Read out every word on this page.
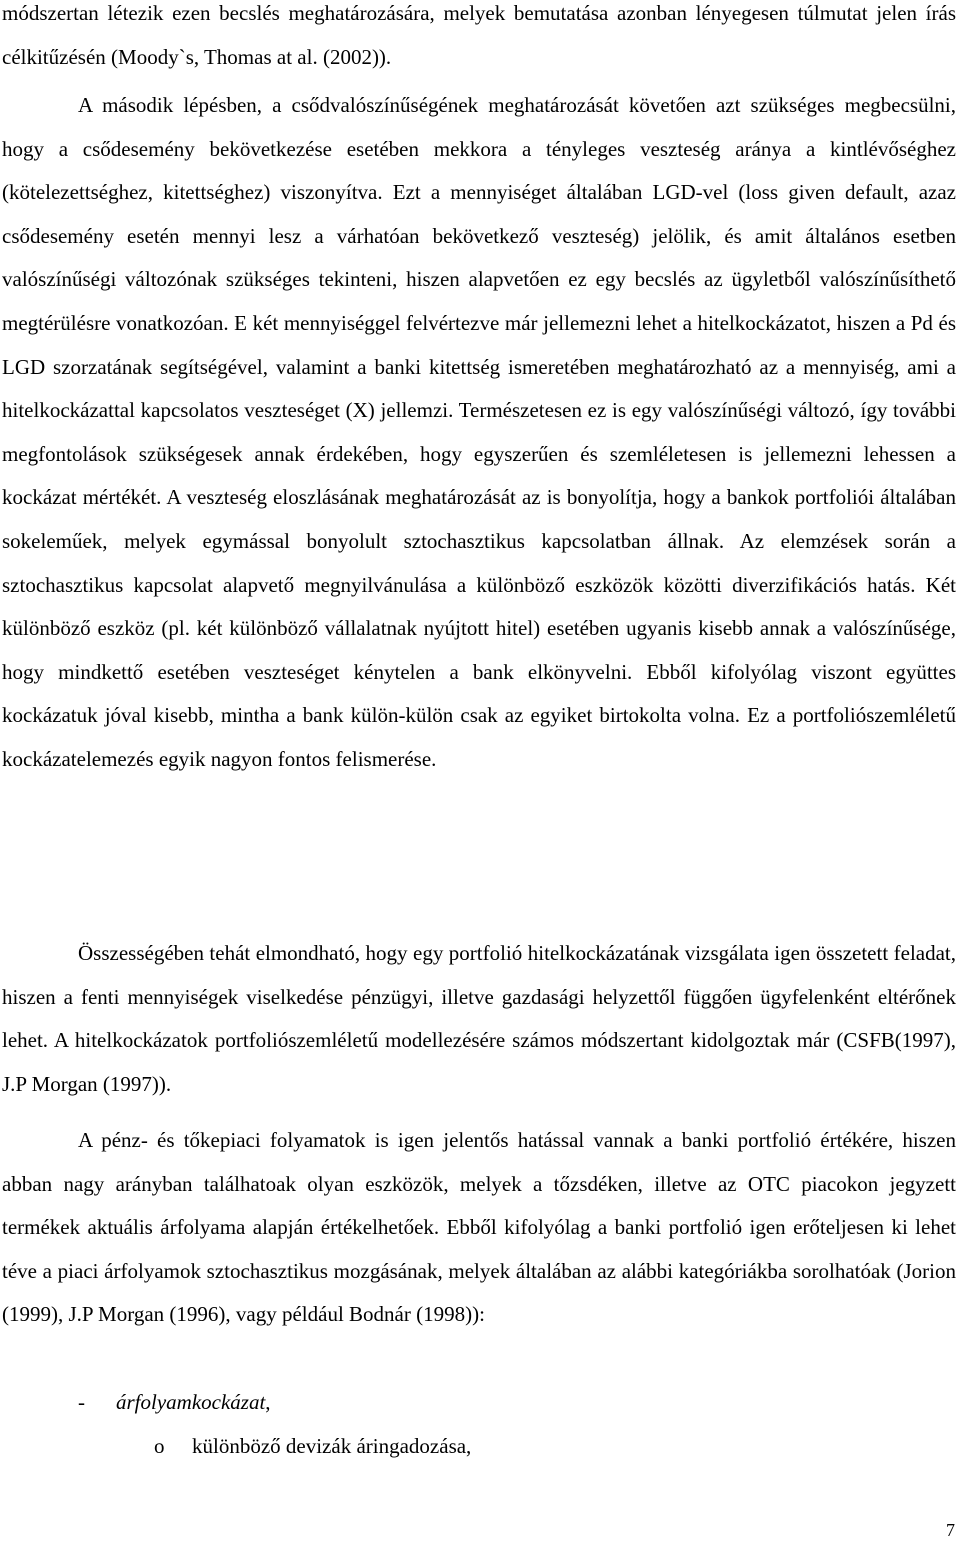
módszertan létezik ezen becslés meghatározására, melyek bemutatása azonban lényegesen túlmutat jelen írás célkitűzésén (Moody`s, Thomas at al. (2002)).

A második lépésben, a csődvalószínűségének meghatározását követően azt szükséges megbecsülni, hogy a csődesemény bekövetkezése esetében mekkora a tényleges veszteség aránya a kintlévőséghez (kötelezettséghez, kitettséghez) viszonyítva. Ezt a mennyiséget általában LGD-vel (loss given default, azaz csődesemény esetén mennyi lesz a várhatóan bekövetkező veszteség) jelölik, és amit általános esetben valószínűségi változónak szükséges tekinteni, hiszen alapvetően ez egy becslés az ügyletből valószínűsíthető megtérülésre vonatkozóan. E két mennyiséggel felvértezve már jellemezni lehet a hitelkockázatot, hiszen a Pd és LGD szorzatának segítségével, valamint a banki kitettség ismeretében meghatározható az a mennyiség, ami a hitelkockázattal kapcsolatos veszteséget (X) jellemzi. Természetesen ez is egy valószínűségi változó, így további megfontolások szükségesek annak érdekében, hogy egyszerűen és szemléletesen is jellemezni lehessen a kockázat mértékét. A veszteség eloszlásának meghatározását az is bonyolítja, hogy a bankok portfoliói általában sokeleműek, melyek egymással bonyolult sztochasztikus kapcsolatban állnak. Az elemzések során a sztochasztikus kapcsolat alapvető megnyilvánulása a különböző eszközök közötti diverzifikációs hatás. Két különböző eszköz (pl. két különböző vállalatnak nyújtott hitel) esetében ugyanis kisebb annak a valószínűsége, hogy mindkettő esetében veszteséget kénytelen a bank elkönyvelni. Ebből kifolyólag viszont együttes kockázatuk jóval kisebb, mintha a bank külön-külön csak az egyiket birtokolta volna. Ez a portfoliószemléletű kockázatelemezés egyik nagyon fontos felismerése.

Összességében tehát elmondható, hogy egy portfolió hitelkockázatának vizsgálata igen összetett feladat, hiszen a fenti mennyiségek viselkedése pénzügyi, illetve gazdasági helyzettől függően ügyfelenként eltérőnek lehet. A hitelkockázatok portfoliószemléletű modellezésére számos módszertant kidolgoztak már (CSFB(1997), J.P Morgan (1997)).

A pénz- és tőkepiaci folyamatok is igen jelentős hatással vannak a banki portfolió értékére, hiszen abban nagy arányban találhatoak olyan eszközök, melyek a tőzsdéken, illetve az OTC piacokon jegyzett termékek aktuális árfolyama alapján értékelhetőek. Ebből kifolyólag a banki portfolió igen erőteljesen ki lehet téve a piaci árfolyamok sztochasztikus mozgásának, melyek általában az alábbi kategóriákba sorolhatóak (Jorion (1999), J.P Morgan (1996), vagy például Bodnár (1998)):

- árfolyamkockázat,

o különböző devizák áringadozása,

7
